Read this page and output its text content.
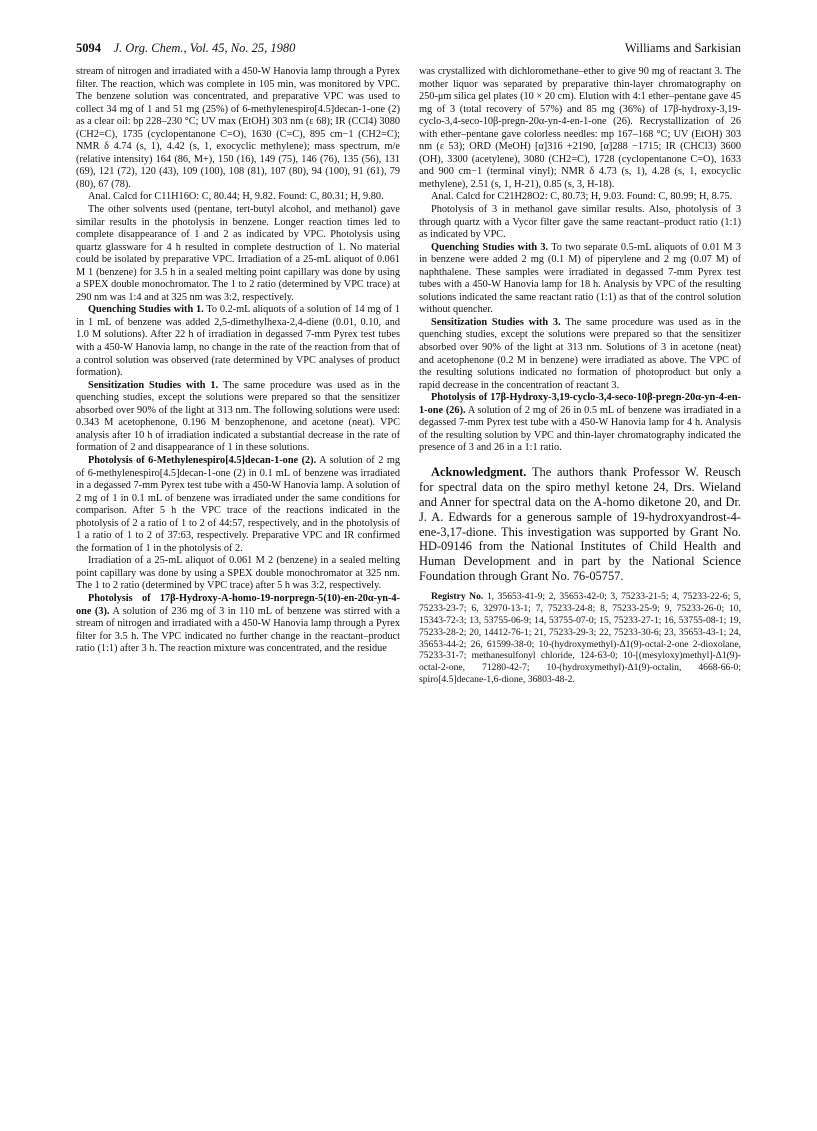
5094 J. Org. Chem., Vol. 45, No. 25, 1980	Williams and Sarkisian

stream of nitrogen and irradiated with a 450-W Hanovia lamp through a Pyrex filter. The reaction, which was complete in 105 min, was monitored by VPC. The benzene solution was concentrated, and preparative VPC was used to collect 34 mg of 1 and 51 mg (25%) of 6-methylenespiro[4.5]decan-1-one (2) as a clear oil: bp 228–230 °C; UV max (EtOH) 303 nm (ε 68); IR (CCl4) 3080 (CH2=C), 1735 (cyclopentanone C=O), 1630 (C=C), 895 cm−1 (CH2=C); NMR δ 4.74 (s, 1), 4.42 (s, 1, exocyclic methylene); mass spectrum, m/e (relative intensity) 164 (86, M+), 150 (16), 149 (75), 146 (76), 135 (56), 131 (69), 121 (72), 120 (43), 109 (100), 108 (81), 107 (80), 94 (100), 91 (61), 79 (80), 67 (78).

Anal. Calcd for C11H16O: C, 80.44; H, 9.82. Found: C, 80.31; H, 9.80.

The other solvents used (pentane, tert-butyl alcohol, and methanol) gave similar results in the photolysis in benzene. Longer reaction times led to complete disappearance of 1 and 2 as indicated by VPC. Photolysis using quartz glassware for 4 h resulted in complete destruction of 1. No material could be isolated by preparative VPC. Irradiation of a 25-mL aliquot of 0.061 M 1 (benzene) for 3.5 h in a sealed melting point capillary was done by using a SPEX double monochromator. The 1 to 2 ratio (determined by VPC trace) at 290 nm was 1:4 and at 325 nm was 3:2, respectively.

Quenching Studies with 1. To 0.2-mL aliquots of a solution of 14 mg of 1 in 1 mL of benzene was added 2,5-dimethylhexa-2,4-diene (0.01, 0.10, and 1.0 M solutions). After 22 h of irradiation in degassed 7-mm Pyrex test tubes with a 450-W Hanovia lamp, no change in the rate of the reaction from that of a control solution was observed (rate determined by VPC analyses of product formation).

Sensitization Studies with 1. The same procedure was used as in the quenching studies, except the solutions were prepared so that the sensitizer absorbed over 90% of the light at 313 nm. The following solutions were used: 0.343 M acetophenone, 0.196 M benzophenone, and acetone (neat). VPC analysis after 10 h of irradiation indicated a substantial decrease in the rate of formation of 2 and disappearance of 1 in these solutions.

Photolysis of 6-Methylenespiro[4.5]decan-1-one (2). A solution of 2 mg of 6-methylenespiro[4.5]decan-1-one (2) in 0.1 mL of benzene was irradiated in a degassed 7-mm Pyrex test tube with a 450-W Hanovia lamp. A solution of 2 mg of 1 in 0.1 mL of benzene was irradiated under the same conditions for comparison. After 5 h the VPC trace of the reactions indicated in the photolysis of 2 a ratio of 1 to 2 of 44:57, respectively, and in the photolysis of 1 a ratio of 1 to 2 of 37:63, respectively. Preparative VPC and IR confirmed the formation of 1 in the photolysis of 2.

Irradiation of a 25-mL aliquot of 0.061 M 2 (benzene) in a sealed melting point capillary was done by using a SPEX double monochromator at 325 nm. The 1 to 2 ratio (determined by VPC trace) after 5 h was 3:2, respectively.

Photolysis of 17β-Hydroxy-A-homo-19-norpregn-5(10)-en-20α-yn-4-one (3). A solution of 236 mg of 3 in 110 mL of benzene was stirred with a stream of nitrogen and irradiated with a 450-W Hanovia lamp through a Pyrex filter for 3.5 h. The VPC indicated no further change in the reactant–product ratio (1:1) after 3 h. The reaction mixture was concentrated, and the residue

was crystallized with dichloromethane–ether to give 90 mg of reactant 3. The mother liquor was separated by preparative thin-layer chromatography on 250-μm silica gel plates (10 × 20 cm). Elution with 4:1 ether–pentane gave 45 mg of 3 (total recovery of 57%) and 85 mg (36%) of 17β-hydroxy-3,19-cyclo-3,4-seco-10β-pregn-20α-yn-4-en-1-one (26). Recrystallization of 26 with ether–pentane gave colorless needles: mp 167–168 °C; UV (EtOH) 303 nm (ε 53); ORD (MeOH) [α]316 +2190, [α]288 −1715; IR (CHCl3) 3600 (OH), 3300 (acetylene), 3080 (CH2=C), 1728 (cyclopentanone C=O), 1633 and 900 cm−1 (terminal vinyl); NMR δ 4.73 (s, 1), 4.28 (s, 1, exocyclic methylene), 2.51 (s, 1, H-21), 0.85 (s, 3, H-18).

Anal. Calcd for C21H28O2: C, 80.73; H, 9.03. Found: C, 80.99; H, 8.75.

Photolysis of 3 in methanol gave similar results. Also, photolysis of 3 through quartz with a Vycor filter gave the same reactant–product ratio (1:1) as indicated by VPC.

Quenching Studies with 3. To two separate 0.5-mL aliquots of 0.01 M 3 in benzene were added 2 mg (0.1 M) of piperylene and 2 mg (0.07 M) of naphthalene. These samples were irradiated in degassed 7-mm Pyrex test tubes with a 450-W Hanovia lamp for 18 h. Analysis by VPC of the resulting solutions indicated the same reactant ratio (1:1) as that of the control solution without quencher.

Sensitization Studies with 3. The same procedure was used as in the quenching studies, except the solutions were prepared so that the sensitizer absorbed over 90% of the light at 313 nm. Solutions of 3 in acetone (neat) and acetophenone (0.2 M in benzene) were irradiated as above. The VPC of the resulting solutions indicated no formation of photoproduct but only a rapid decrease in the concentration of reactant 3.

Photolysis of 17β-Hydroxy-3,19-cyclo-3,4-seco-10β-pregn-20α-yn-4-en-1-one (26). A solution of 2 mg of 26 in 0.5 mL of benzene was irradiated in a degassed 7-mm Pyrex test tube with a 450-W Hanovia lamp for 4 h. Analysis of the resulting solution by VPC and thin-layer chromatography indicated the presence of 3 and 26 in a 1:1 ratio.

Acknowledgment. The authors thank Professor W. Reusch for spectral data on the spiro methyl ketone 24, Drs. Wieland and Anner for spectral data on the A-homo diketone 20, and Dr. J. A. Edwards for a generous sample of 19-hydroxyandrost-4-ene-3,17-dione. This investigation was supported by Grant No. HD-09146 from the National Institutes of Child Health and Human Development and in part by the National Science Foundation through Grant No. 76-05757.

Registry No. 1, 35653-41-9; 2, 35653-42-0; 3, 75233-21-5; 4, 75233-22-6; 5, 75233-23-7; 6, 32970-13-1; 7, 75233-24-8; 8, 75233-25-9; 9, 75233-26-0; 10, 15343-72-3; 13, 53755-06-9; 14, 53755-07-0; 15, 75233-27-1; 16, 53755-08-1; 19, 75233-28-2; 20, 14412-76-1; 21, 75233-29-3; 22, 75233-30-6; 23, 35653-43-1; 24, 35653-44-2; 26, 61599-38-0; 10-(hydroxymethyl)-Δ1(9)-octal-2-one 2-dioxolane, 75233-31-7; methanesulfonyl chloride, 124-63-0; 10-[(mesyloxy)methyl]-Δ1(9)-octal-2-one, 71280-42-7; 10-(hydroxymethyl)-Δ1(9)-octalin, 4668-66-0; spiro[4.5]decane-1,6-dione, 36803-48-2.
